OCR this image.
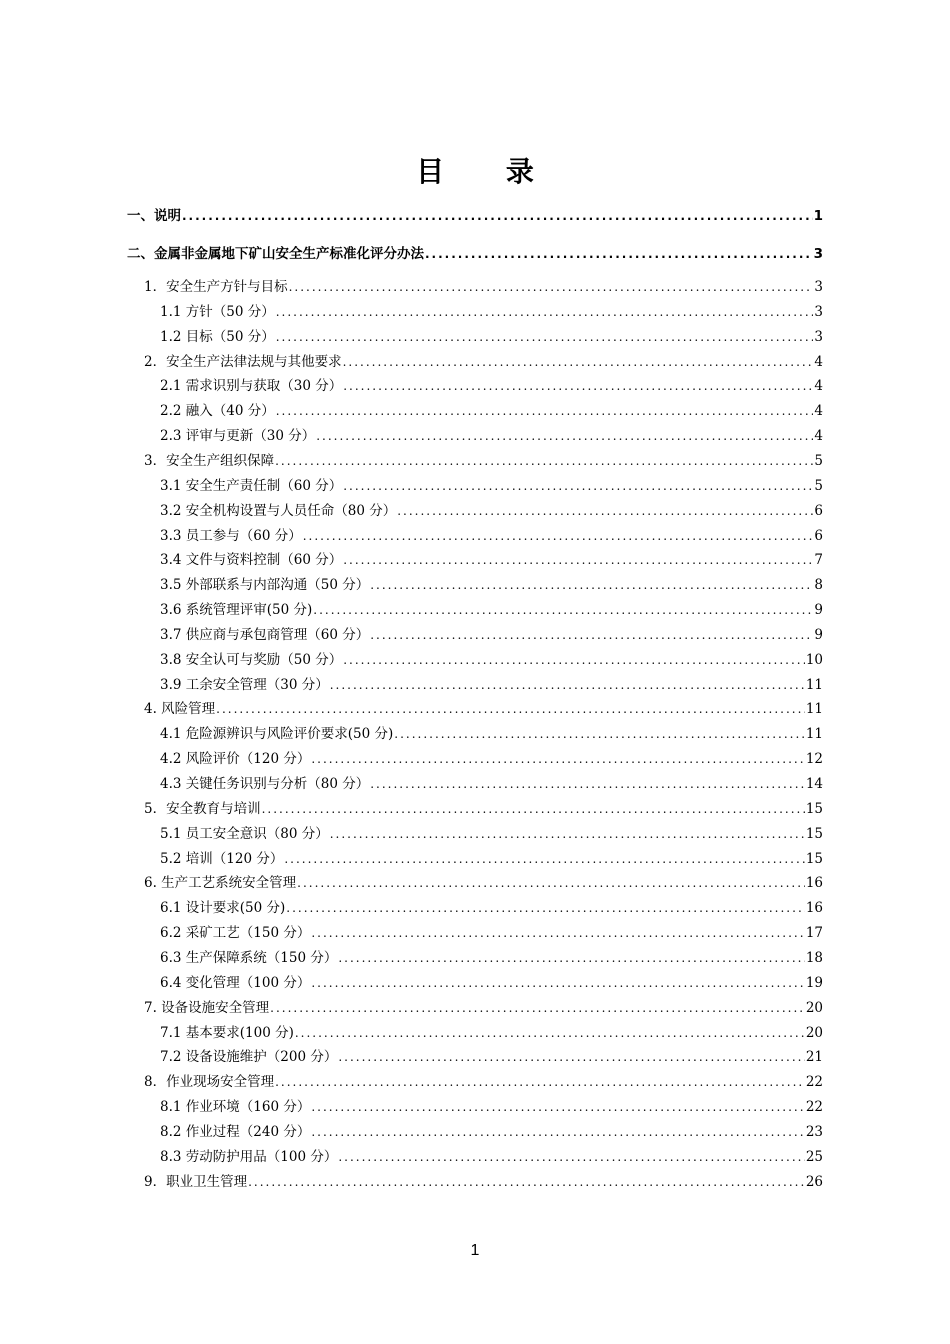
目 录
一、说明 .....	1
二、金属非金属地下矿山安全生产标准化评分办法 .....	3
1．安全生产方针与目标 .....	3
1.1 方针（50 分） .....	3
1.2 目标（50 分） .....	3
2．安全生产法律法规与其他要求 .....	4
2.1 需求识别与获取（30 分） .....	4
2.2 融入（40 分） .....	4
2.3 评审与更新（30 分） .....	4
3．安全生产组织保障 .....	5
3.1 安全生产责任制（60 分） .....	5
3.2 安全机构设置与人员任命（80 分） .....	6
3.3 员工参与（60 分） .....	6
3.4 文件与资料控制（60 分） .....	7
3.5 外部联系与内部沟通（50 分） .....	8
3.6 系统管理评审(50 分) .....	9
3.7 供应商与承包商管理（60 分） .....	9
3.8 安全认可与奖励（50 分） .....	10
3.9 工余安全管理（30 分） .....	11
4. 风险管理 .....	11
4.1 危险源辨识与风险评价要求(50 分) .....	11
4.2 风险评价（120 分） .....	12
4.3 关键任务识别与分析（80 分） .....	14
5．安全教育与培训 .....	15
5.1 员工安全意识（80 分） .....	15
5.2 培训（120 分） .....	15
6. 生产工艺系统安全管理 .....	16
6.1 设计要求(50 分) .....	16
6.2 采矿工艺（150 分） .....	17
6.3 生产保障系统（150 分） .....	18
6.4 变化管理（100 分） .....	19
7. 设备设施安全管理 .....	20
7.1 基本要求(100 分) .....	20
7.2 设备设施维护（200 分） .....	21
8．作业现场安全管理 .....	22
8.1 作业环境（160 分） .....	22
8.2 作业过程（240 分） .....	23
8.3 劳动防护用品（100 分） .....	25
9．职业卫生管理 .....	26
1
